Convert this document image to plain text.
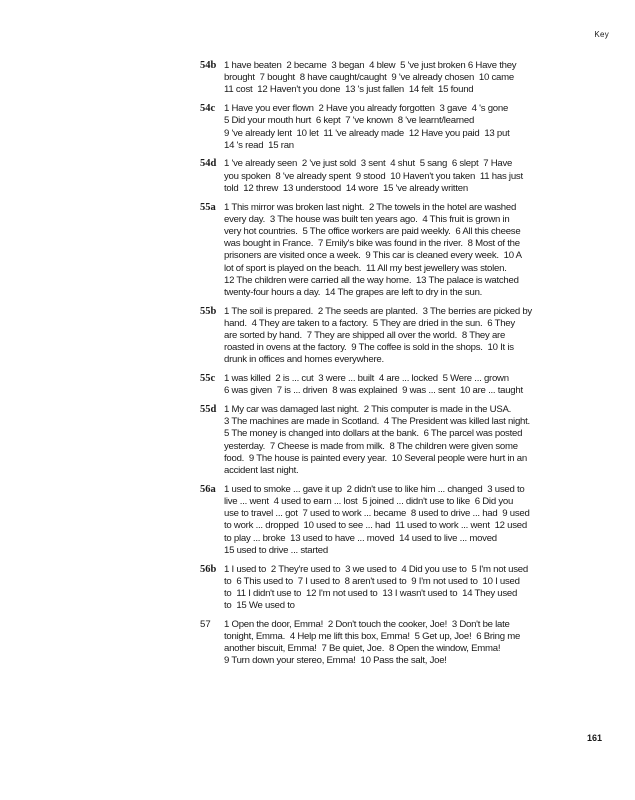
Key
54b 1 have beaten  2 became  3 began  4 blew  5 've just broken 6 Have they
brought  7 bought  8 have caught/caught  9 've already chosen  10 came
11 cost  12 Haven't you done  13 's just fallen  14 felt  15 found
54c 1 Have you ever flown  2 Have you already forgotten  3 gave  4 's gone
5 Did your mouth hurt  6 kept  7 've known  8 've learnt/learned
9 've already lent  10 let  11 've already made  12 Have you paid  13 put
14 's read  15 ran
54d 1 've already seen  2 've just sold  3 sent  4 shut  5 sang  6 slept  7 Have
you spoken  8 've already spent  9 stood  10 Haven't you taken  11 has just
told  12 threw  13 understood  14 wore  15 've already written
55a 1 This mirror was broken last night.  2 The towels in the hotel are washed
every day.  3 The house was built ten years ago.  4 This fruit is grown in
very hot countries.  5 The office workers are paid weekly.  6 All this cheese
was bought in France.  7 Emily's bike was found in the river.  8 Most of the
prisoners are visited once a week.  9 This car is cleaned every week.  10 A
lot of sport is played on the beach.  11 All my best jewellery was stolen.
12 The children were carried all the way home.  13 The palace is watched
twenty-four hours a day.  14 The grapes are left to dry in the sun.
55b 1 The soil is prepared.  2 The seeds are planted.  3 The berries are picked by
hand.  4 They are taken to a factory.  5 They are dried in the sun.  6 They
are sorted by hand.  7 They are shipped all over the world.  8 They are
roasted in ovens at the factory.  9 The coffee is sold in the shops.  10 It is
drunk in offices and homes everywhere.
55c 1 was killed  2 is ... cut  3 were ... built  4 are ... locked  5 Were ... grown
6 was given  7 is ... driven  8 was explained  9 was ... sent  10 are ... taught
55d 1 My car was damaged last night.  2 This computer is made in the USA.
3 The machines are made in Scotland.  4 The President was killed last night.
5 The money is changed into dollars at the bank.  6 The parcel was posted
yesterday.  7 Cheese is made from milk.  8 The children were given some
food.  9 The house is painted every year.  10 Several people were hurt in an
accident last night.
56a 1 used to smoke ... gave it up  2 didn't use to like him ... changed  3 used to
live ... went  4 used to earn ... lost  5 joined ... didn't use to like  6 Did you
use to travel ... got  7 used to work ... became  8 used to drive ... had  9 used
to work ... dropped  10 used to see ... had  11 used to work ... went  12 used
to play ... broke  13 used to have ... moved  14 used to live ... moved
15 used to drive ... started
56b 1 I used to  2 They're used to  3 we used to  4 Did you use to  5 I'm not used
to  6 This used to  7 I used to  8 aren't used to  9 I'm not used to  10 I used
to  11 I didn't use to  12 I'm not used to  13 I wasn't used to  14 They used
to  15 We used to
57	1 Open the door, Emma!  2 Don't touch the cooker, Joe!  3 Don't be late
tonight, Emma.  4 Help me lift this box, Emma!  5 Get up, Joe!  6 Bring me
another biscuit, Emma!  7 Be quiet, Joe.  8 Open the window, Emma!
9 Turn down your stereo, Emma!  10 Pass the salt, Joe!
161
